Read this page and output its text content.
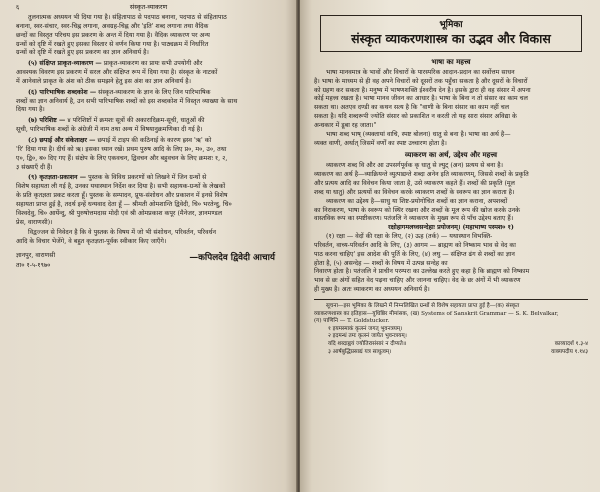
६	संस्कृत-व्याकरण

तुलनात्मक अध्ययन भी दिया गया है। संहितापाठ से पदपाठ बनाना, पदपाठ से संहितापाठ

बनाना, स्वर-संचार, स्वर-चिह्न लगाना, अवग्रह-चिह्न और 'इति' शब्द लगाना तथा वैदिक

छन्दों का विस्तृत परिचय इस प्रकरण के अन्त में दिया गया है। वैदिक व्याकरण पर अन्य

ग्रन्थों को दृष्टि में रखते हुए इसका विस्तार से वर्णन किया गया है। पाठ्यक्रम में निर्धारित

ग्रन्थों को दृष्टि में रखते हुए इस प्रकरण का ज्ञान अनिवार्य है।

(५) संक्षिप्त प्राकृत-व्याकरण — प्राकृत-व्याकरण का प्रायः सभी उपयोगी और

आवश्यक विवरण इस प्रकरण में सरल और संक्षिप्त रूप में दिया गया है। संस्कृत के नाटकों

में आनेवाले प्राकृत के अंश को ठीक समझने हेतु इस अंश का ज्ञान अनिवार्य है।

(६) पारिभाषिक शब्दकोश — संस्कृत-व्याकरण के ज्ञान के लिए जिन पारिभाषिक

शब्दों का ज्ञान अनिवार्य है, उन सभी पारिभाषिक शब्दों को इस शब्दकोश में विस्तृत व्याख्या के साथ

दिया गया है।

(७) परिशिष्ट — ४ परिशिष्टों में क्रमशः सूत्रों की अकारादिक्रम-सूची, धातुओं की

सूची, पारिभाषिक शब्दों के अंग्रेजी में नाम तथा अन्य में विषयानुक्रमणिका दी गई है।

(८) छपाई और संकेताक्षर — छपाई में टाइप की कठिनाई के कारण ह्रस्व 'ऋ' को

'रि' दिया गया है। दीर्घ को ऋ। इसका ध्यान रखें। प्रथम पुरुष आदि के लिए प्र०, म०, उ०, तथा

ए०, द्वि०, ब० दिए गए हैं। संक्षेप के लिए एकवचन, द्विवचन और बहुवचन के लिए क्रमशः १, २,

३ संख्याएँ दी हैं।

(९) कृतज्ञता-प्रकाशन — पुस्तक के विविध प्रकरणों को लिखने में जिन ग्रन्थों से

विशेष सहायता ली गई है, उनका यथास्थान निर्देश कर दिया है। सभी सहायक-ग्रन्थों के लेखकों

के प्रति कृतज्ञता प्रकट करता हूँ। पुस्तक के सम्पादन, प्रूफ-संशोधन और प्रकाशन में इनसे विशेष

सहायता प्राप्त हुई है, तदर्थ इन्हें धन्यवाद देता हूँ — श्रीमती ओमशान्ति द्विवेदी, चि० भरतेन्दु, चि०

विश्वदेवु, चि० आर्येन्दु, श्री पुरुषोत्तमदास मोदी एवं श्री ओमप्रकाश कपूर (मैनेजर, ज्ञानमण्डल

प्रेस, वाराणसी)।

विद्वज्जन से निवेदन है कि वे पुस्तक के विषय में जो भी संशोधन, परिवर्तन, परिवर्धन

आदि के विचार भेजेंगे, वे बहुत कृतज्ञता-पूर्वक स्वीकार किए जाएँगे।

ज्ञानपुर, वाराणसी
ता० १-५-१९७०
—कपिलदेव द्विवेदी आचार्य
भूमिका
संस्कृत व्याकरणशास्त्र का उद्भव और विकास
भाषा का महत्त्व

भाषा मानवमात्र के भावों और विचारों के पारस्परिक आदान-प्रदान का सर्वोत्तम साधन

है। भाषा के माध्यम से ही वह अपने विचारों को दूसरों तक पहुँचा सकता है और दूसरों के विचारों

को ग्रहण कर सकता है। मनुष्य में भाषणशक्ति ईश्वरीय देन है। इसके द्वारा ही वह संसार में अपना

कोई महत्त्व रखता है। भाषा मानव जीवन का आधार है। भाषा के बिना न तो संसार का काम चल

सकता था। अतएव दण्डी का कथन सत्य है कि "वाणी के बिना संसार का काम नहीं चल

सकता है। यदि शब्दरूपी ज्योति संसार को प्रकाशित न करती तो यह सारा संसार अविद्या के

अन्धकार में डूबा रह जाता।"

भाषा शब्द भाष् (व्यक्तायां वाचि, स्पष्ट बोलना) धातु से बना है। भाषा का अर्थ है—

व्यक्त वाणी, अर्थात् जिसमें वर्णों का स्पष्ट उच्चारण होता है।

व्याकरण का अर्थ, उद्देश्य और महत्त्व

व्याकरण शब्द वि और आ उपसर्गपूर्वक कृ धातु से ल्युट् (अन) प्रत्यय से बना है।

व्याकरण का अर्थ है—व्याक्रियन्ते व्युत्पाद्यन्ते शब्दा अनेन इति व्याकरणम्, जिससे शब्दों के प्रकृति

और प्रत्यय आदि का विवेचन किया जाता है, उसे व्याकरण कहते हैं। शब्दों की प्रकृति (मूल

शब्द या धातु) और प्रत्ययों का विवेचन करके व्याकरण शब्दों के स्वरूप का ज्ञान कराता है।

व्याकरण का उद्देश्य है—साधु या शिष्ट-प्रयोगोचित शब्दों का ज्ञान कराना, अपशब्दों

का निराकरण, भाषा के स्वरूप को स्थिर रखना और शब्दों के मूल रूप की खोज करके उनके

वास्तविक रूप का स्पष्टीकरण। पतंजलि ने व्याकरण के मुख्य रूप से पाँच उद्देश्य बताए हैं।

रक्षोहागमलघ्वसन्देहाः प्रयोजनम्। (महाभाष्य पस्पश० १)

(१) रक्षा — वेदों की रक्षा के लिए, (२) ऊह (तर्क) — यथास्थान विभक्ति-

परिवर्तन, वाच्य-परिवर्तन आदि के लिए, (३) आगम — ब्राह्मण को निष्काम भाव से वेद का

पाठ करना चाहिए' इस आदेश की पूर्ति के लिए, (४) लघु — संक्षिप्त ढंग से शब्दों का ज्ञान

होता है, (५) असन्देह — शब्दों के विषय में उत्पन्न सन्देह का

निवारण होता है। पतंजलि ने प्राचीन परम्परा का उल्लेख करते हुए कहा है कि ब्राह्मण को निष्काम

भाव से छः अंगों सहित वेद पढ़ना चाहिए और जानना चाहिए। वेद के छः अंगों में भी व्याकरण

ही मुख्य है। अतः व्याकरण का अध्ययन अनिवार्य है।

सूचना—इस भूमिका के लिखने में निम्नलिखित ग्रन्थों से विशेष सहायता प्राप्त हुई है—(क) संस्कृत

व्याकरणशास्त्र का इतिहास—युधिष्ठिर मीमांसक, (ख) Systems of Sanskrit Grammar — S. K. Belvalkar,

(ग) पाणिनि — T. Goldstucker.

१ इयमस्माकं कृत्स्नं जगत् भुवनत्रयम्।
२ इदमन्धं तमः कृत्स्नं जायेत भुवनत्रयम्।
यदि शब्दाह्वयं ज्योतिरासंसारं न दीप्यते॥	काव्यादर्श १.३-४
३ आर्षबुद्धिप्रसाद्यं यत्र साधुत्वम्।	वाक्यपदीय १.१४३
